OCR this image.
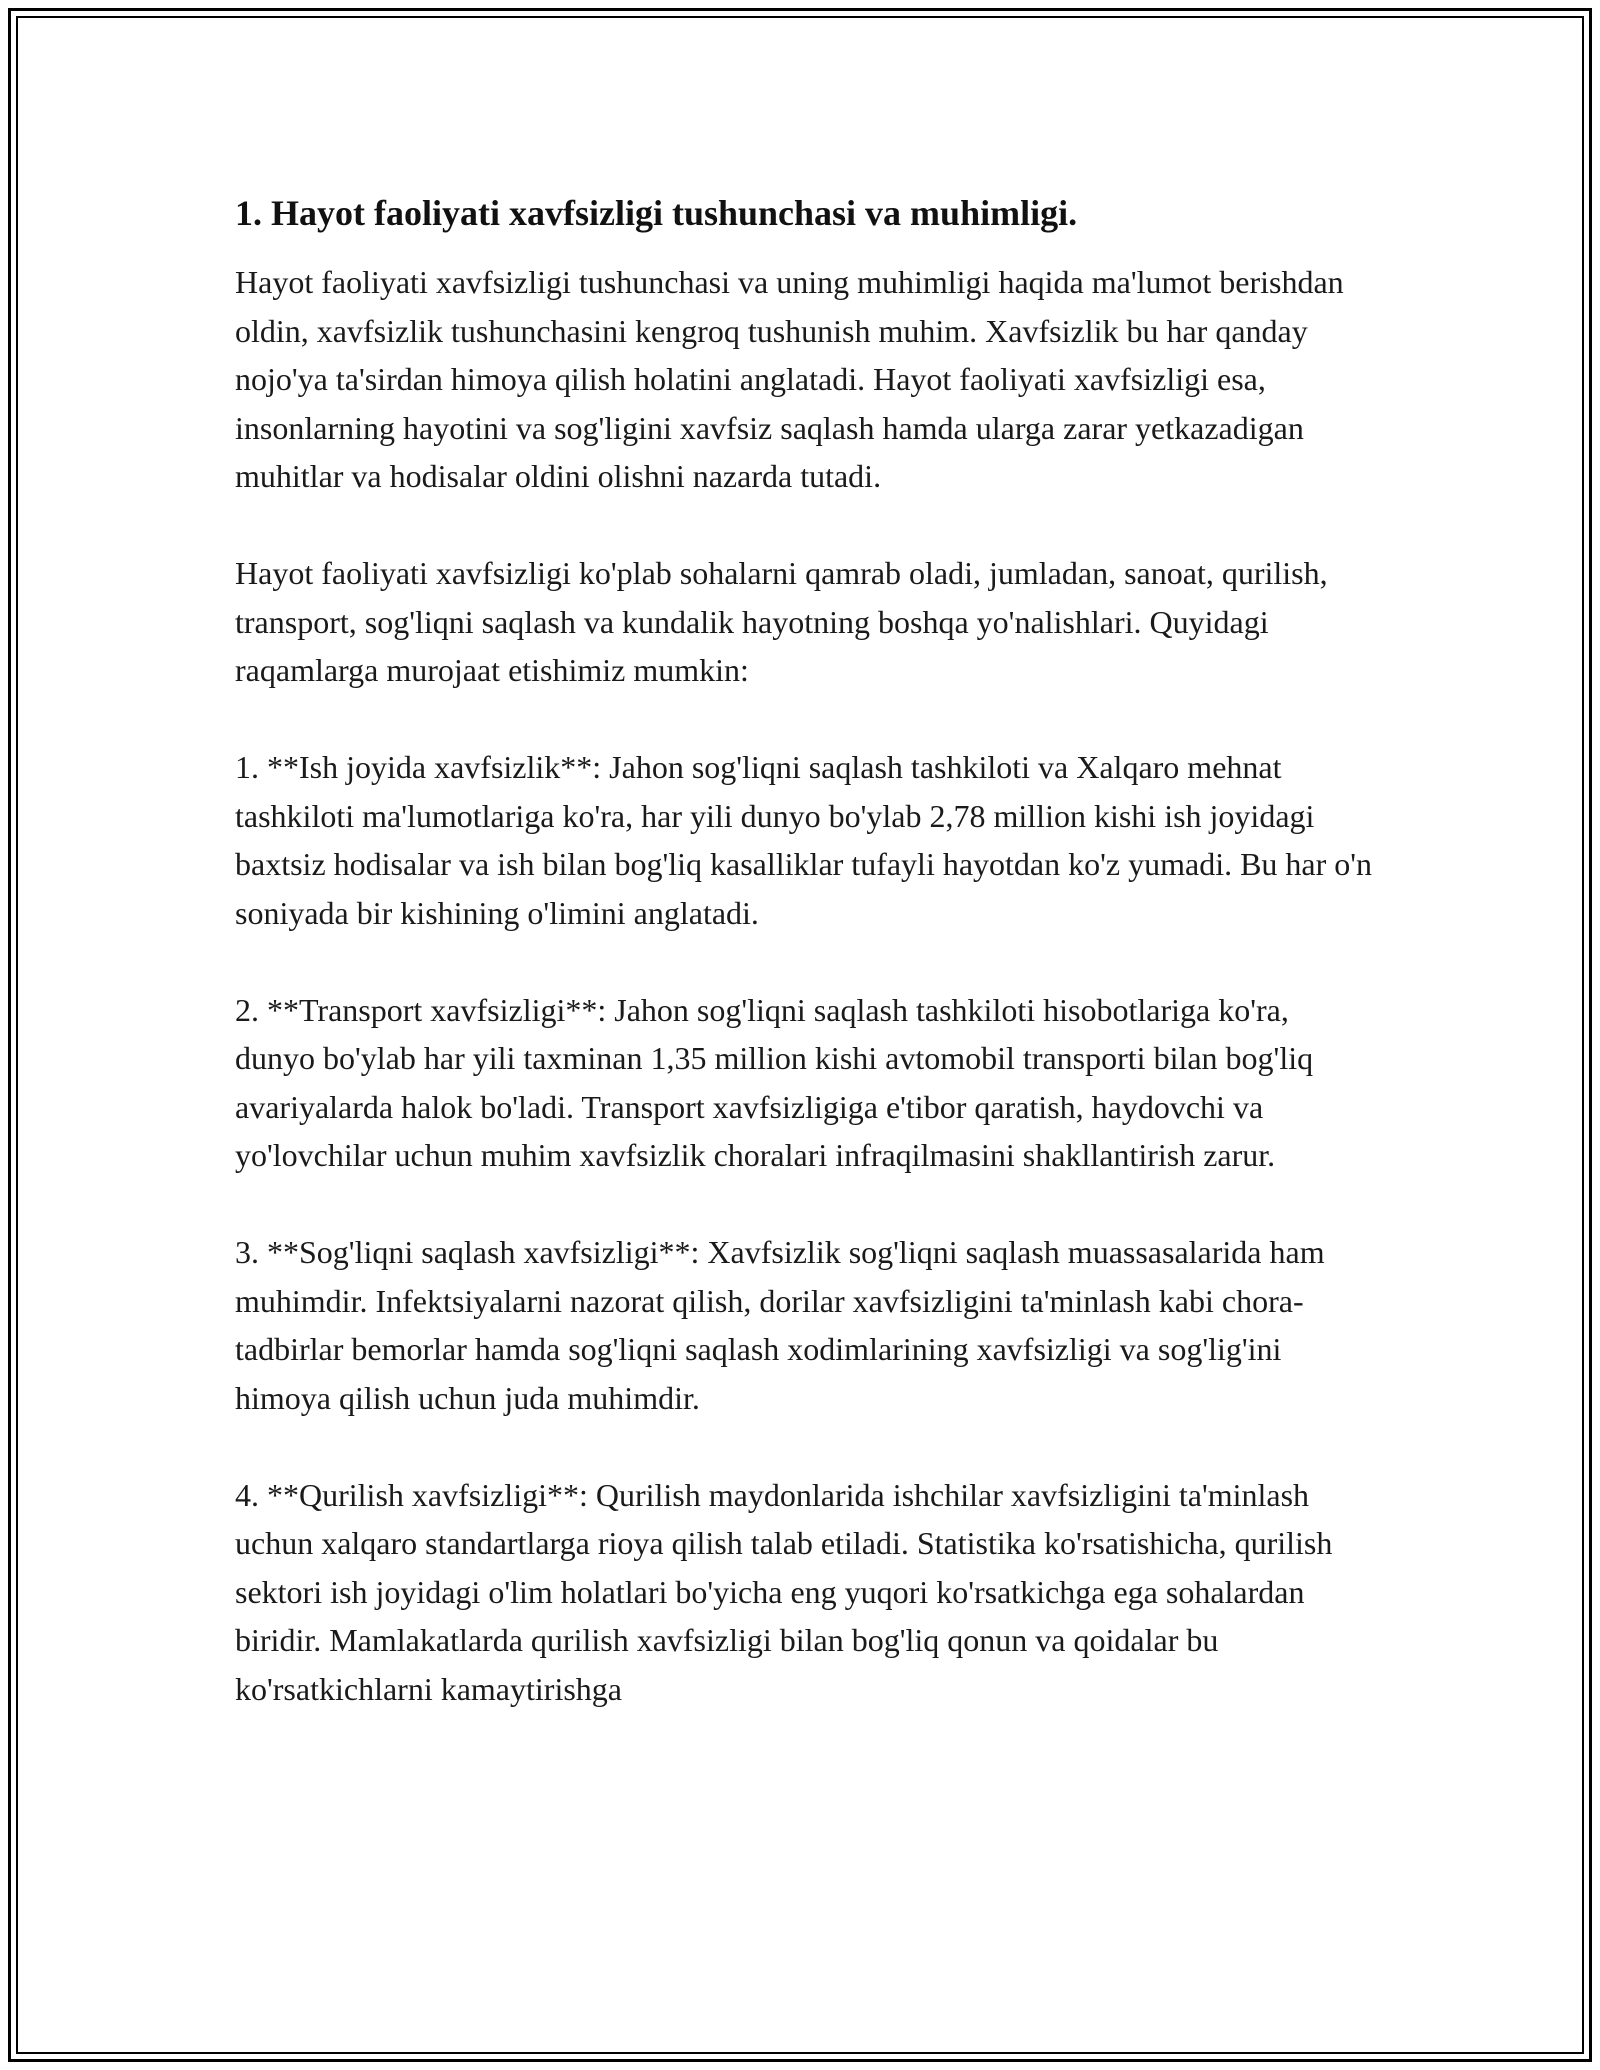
1. Hayot faoliyati xavfsizligi tushunchasi va muhimligi.

Hayot faoliyati xavfsizligi tushunchasi va uning muhimligi haqida ma'lumot berishdan oldin, xavfsizlik tushunchasini kengroq tushunish muhim. Xavfsizlik bu har qanday nojo'ya ta'sirdan himoya qilish holatini anglatadi. Hayot faoliyati xavfsizligi esa, insonlarning hayotini va sog'ligini xavfsiz saqlash hamda ularga zarar yetkazadigan muhitlar va hodisalar oldini olishni nazarda tutadi.

Hayot faoliyati xavfsizligi ko'plab sohalarni qamrab oladi, jumladan, sanoat, qurilish, transport, sog'liqni saqlash va kundalik hayotning boshqa yo'nalishlari. Quyidagi raqamlarga murojaat etishimiz mumkin:

1. **Ish joyida xavfsizlik**: Jahon sog'liqni saqlash tashkiloti va Xalqaro mehnat tashkiloti ma'lumotlariga ko'ra, har yili dunyo bo'ylab 2,78 million kishi ish joyidagi baxtsiz hodisalar va ish bilan bog'liq kasalliklar tufayli hayotdan ko'z yumadi. Bu har o'n soniyada bir kishining o'limini anglatadi.

2. **Transport xavfsizligi**: Jahon sog'liqni saqlash tashkiloti hisobotlariga ko'ra, dunyo bo'ylab har yili taxminan 1,35 million kishi avtomobil transporti bilan bog'liq avariyalarda halok bo'ladi. Transport xavfsizligiga e'tibor qaratish, haydovchi va yo'lovchilar uchun muhim xavfsizlik choralari infraqilmasini shakllantirish zarur.

3. **Sog'liqni saqlash xavfsizligi**: Xavfsizlik sog'liqni saqlash muassasalarida ham muhimdir. Infektsiyalarni nazorat qilish, dorilar xavfsizligini ta'minlash kabi chora-tadbirlar bemorlar hamda sog'liqni saqlash xodimlarining xavfsizligi va sog'lig'ini himoya qilish uchun juda muhimdir.

4. **Qurilish xavfsizligi**: Qurilish maydonlarida ishchilar xavfsizligini ta'minlash uchun xalqaro standartlarga rioya qilish talab etiladi. Statistika ko'rsatishicha, qurilish sektori ish joyidagi o'lim holatlari bo'yicha eng yuqori ko'rsatkichga ega sohalardan biridir. Mamlakatlarda qurilish xavfsizligi bilan bog'liq qonun va qoidalar bu ko'rsatkichlarni kamaytirishga
